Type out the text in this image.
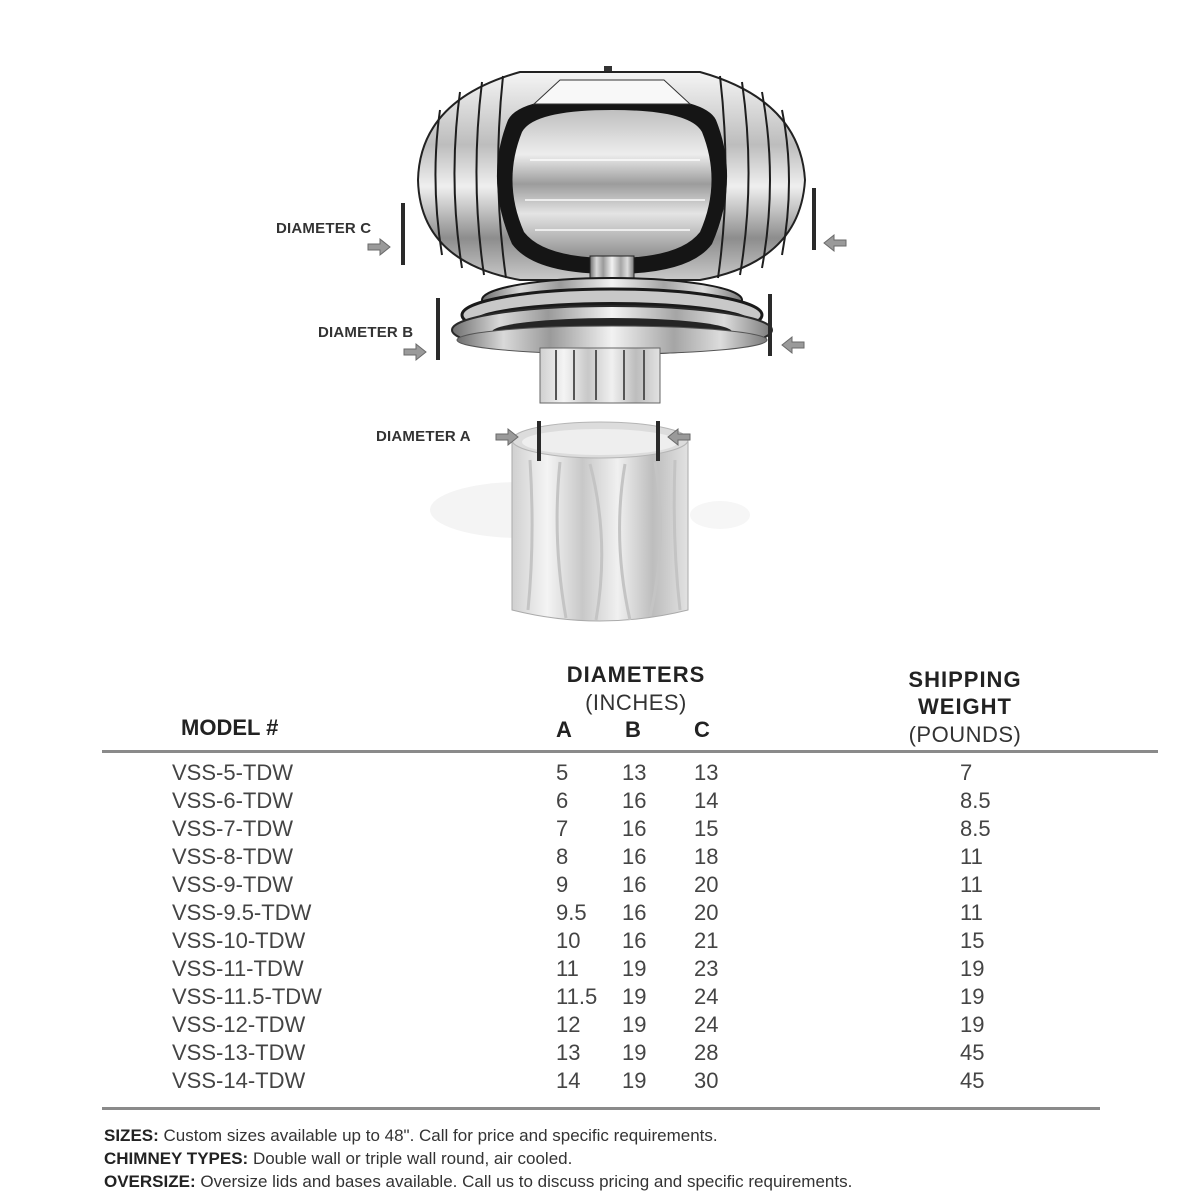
DIAMETER C
DIAMETER B
DIAMETER A
DIAMETERS
(INCHES)
A B C
MODEL #
SHIPPING
WEIGHT
(POUNDS)
VSS-5-TDW	5 13 13	7
VSS-6-TDW	6 16 14	8.5
VSS-7-TDW	7 16 15	8.5
VSS-8-TDW	8 16 18	11
VSS-9-TDW	9 16 20	11
VSS-9.5-TDW	9.5 16 20	11
VSS-10-TDW	10 16 21	15
VSS-11-TDW	11 19 23	19
VSS-11.5-TDW	11.5 19 24	19
VSS-12-TDW	12 19 24	19
VSS-13-TDW	13 19 28	45
VSS-14-TDW	14 19 30	45
SIZES: Custom sizes available up to 48". Call for price and specific requirements.
CHIMNEY TYPES: Double wall or triple wall round, air cooled.
OVERSIZE: Oversize lids and bases available. Call us to discuss pricing and specific requirements.
